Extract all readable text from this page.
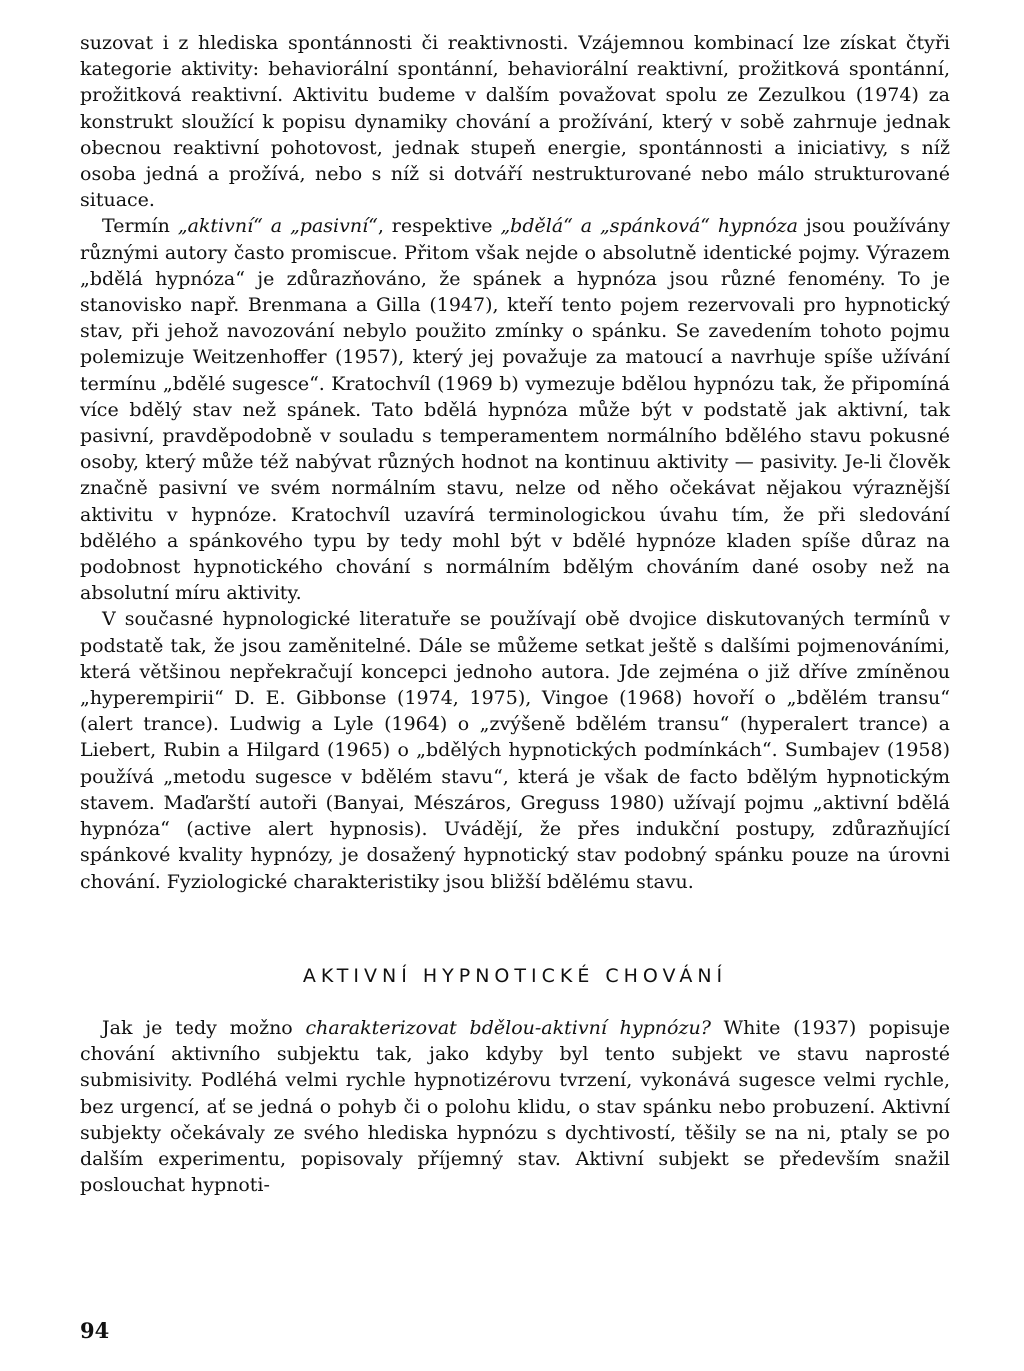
suzovat i z hlediska spontánnosti či reaktivnosti. Vzájemnou kombinací lze získat čtyři kategorie aktivity: behaviorální spontánní, behaviorální reaktivní, prožitková spontánní, prožitková reaktivní. Aktivitu budeme v dalším považovat spolu ze Zezulkou (1974) za konstrukt sloužící k popisu dynamiky chování a prožívání, který v sobě zahrnuje jednak obecnou reaktivní pohotovost, jednak stupeň energie, spontánnosti a iniciativy, s níž osoba jedná a prožívá, nebo s níž si dotváří nestrukturované nebo málo strukturované situace.

Termín „aktivní“ a „pasivní“, respektive „bdělá“ a „spánková“ hypnóza jsou používány různými autory často promiscue. Přitom však nejde o absolutně identické pojmy. Výrazem „bdělá hypnóza“ je zdůrazňováno, že spánek a hypnóza jsou různé fenomény. To je stanovisko např. Brenmana a Gilla (1947), kteří tento pojem rezervovali pro hypnotický stav, při jehož navozování nebylo použito zmínky o spánku. Se zavedením tohoto pojmu polemizuje Weitzenhoffer (1957), který jej považuje za matoucí a navrhuje spíše užívání termínu „bdělé sugesce“. Kratochvíl (1969 b) vymezuje bdělou hypnózu tak, že připomíná více bdělý stav než spánek. Tato bdělá hypnóza může být v podstatě jak aktivní, tak pasivní, pravděpodobně v souladu s temperamentem normálního bdělého stavu pokusné osoby, který může též nabývat různých hodnot na kontinuu aktivity — pasivity. Je-li člověk značně pasivní ve svém normálním stavu, nelze od něho očekávat nějakou výraznější aktivitu v hypnóze. Kratochvíl uzavírá terminologickou úvahu tím, že při sledování bdělého a spánkového typu by tedy mohl být v bdělé hypnóze kladen spíše důraz na podobnost hypnotického chování s normálním bdělým chováním dané osoby než na absolutní míru aktivity.

V současné hypnologické literatuře se používají obě dvojice diskutovaných termínů v podstatě tak, že jsou zaměnitelné. Dále se můžeme setkat ještě s dalšími pojmenováními, která většinou nepřekračují koncepci jednoho autora. Jde zejména o již dříve zmíněnou „hyperempirii“ D. E. Gibbonse (1974, 1975), Vingoe (1968) hovoří o „bdělém transu“ (alert trance). Ludwig a Lyle (1964) o „zvýšeně bdělém transu“ (hyperalert trance) a Liebert, Rubin a Hilgard (1965) o „bdělých hypnotických podmínkách“. Sumbajev (1958) používá „metodu sugesce v bdělém stavu“, která je však de facto bdělým hypnotickým stavem. Maďarští autoři (Banyai, Mészáros, Greguss 1980) užívají pojmu „aktivní bdělá hypnóza“ (active alert hypnosis). Uvádějí, že přes indukční postupy, zdůrazňující spánkové kvality hypnózy, je dosažený hypnotický stav podobný spánku pouze na úrovni chování. Fyziologické charakteristiky jsou bližší bdělému stavu.

AKTIVNÍ HYPNOTICKÉ CHOVÁNÍ

Jak je tedy možno charakterizovat bdělou-aktivní hypnózu? White (1937) popisuje chování aktivního subjektu tak, jako kdyby byl tento subjekt ve stavu naprosté submisivity. Podléhá velmi rychle hypnotizérovu tvrzení, vykonává sugesce velmi rychle, bez urgencí, ať se jedná o pohyb či o polohu klidu, o stav spánku nebo probuzení. Aktivní subjekty očekávaly ze svého hlediska hypnózu s dychtivostí, těšily se na ni, ptaly se po dalším experimentu, popisovaly příjemný stav. Aktivní subjekt se především snažil poslouchat hypnoti-

94
